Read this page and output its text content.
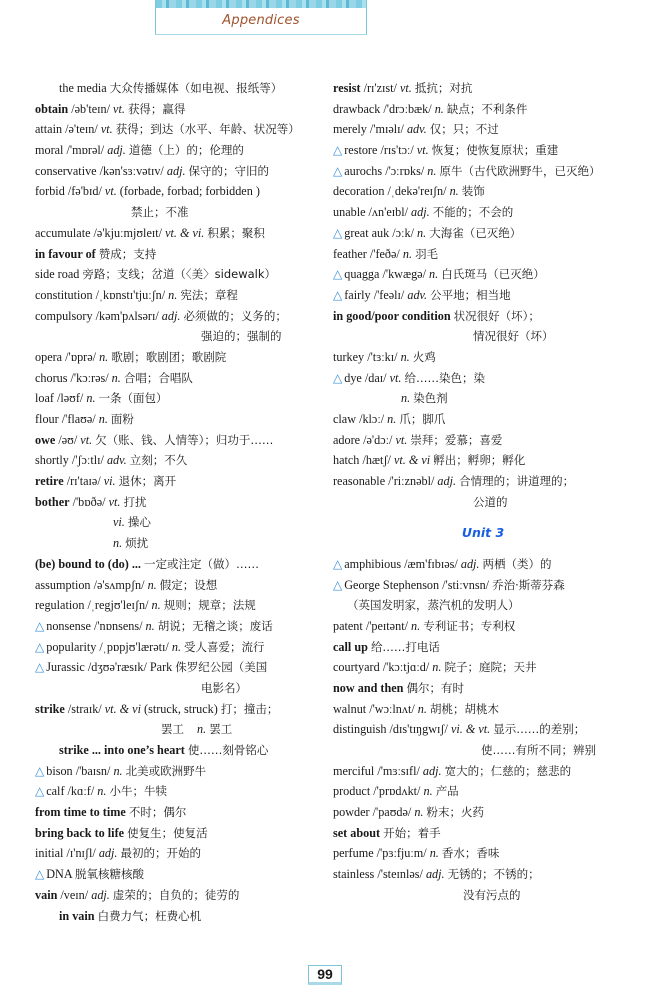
Appendices
the media 大众传播媒体（如电视、报纸等）
obtain /əb'teɪn/ vt. 获得；赢得
attain /ə'teɪn/ vt. 获得；到达（水平、年龄、状况等）
moral /'mɒrəl/ adj. 道德（上）的；伦理的
conservative /kən'sɜːvətɪv/ adj. 保守的；守旧的
forbid /fə'bɪd/ vt. (forbade, forbad; forbidden )
禁止；不准
accumulate /ə'kjuːmjʊleɪt/ vt. & vi. 积累；聚积
in favour of 赞成；支持
side road 旁路；支线；岔道（〈美〉sidewalk）
constitution /ˌkɒnstɪ'tjuːʃn/ n. 宪法；章程
compulsory /kəm'pʌlsərɪ/ adj. 必须做的；义务的；
强迫的；强制的
opera /'ɒprə/ n. 歌剧；歌剧团；歌剧院
chorus /'kɔːrəs/ n. 合唱；合唱队
loaf /ləʊf/ n. 一条（面包）
flour /'flaʊə/ n. 面粉
owe /əʊ/ vt. 欠（账、钱、人情等）；归功于……
shortly /'ʃɔːtlɪ/ adv. 立刻；不久
retire /rɪ'taɪə/ vi. 退休；离开
bother /'bɒðə/ vt. 打扰
vi. 操心
n. 烦扰
(be) bound to (do) ... 一定或注定（做）……
assumption /ə'sʌmpʃn/ n. 假定；设想
regulation /ˌregjʊ'leɪʃn/ n. 规则；规章；法规
△ nonsense /'nɒnsens/ n. 胡说；无稽之谈；废话
△ popularity /ˌpɒpjʊ'lærətɪ/ n. 受人喜爱；流行
△ Jurassic /dʒʊə'ræsɪk/ Park 侏罗纪公园（美国
电影名）
strike /straɪk/ vt. & vi (struck, struck) 打；撞击；
罢工 n. 罢工
strike ... into one’s heart 使……刻骨铭心
△ bison /'baɪsn/ n. 北美或欧洲野牛
△ calf /kɑːf/ n. 小牛；牛犊
from time to time 不时；偶尔
bring back to life 使复生；使复活
initial /ɪ'nɪʃl/ adj. 最初的；开始的
△ DNA 脱氧核糖核酸
vain /veɪn/ adj. 虚荣的；自负的；徒劳的
in vain 白费力气；枉费心机
resist /rɪ'zɪst/ vt. 抵抗；对抗
drawback /'drɔːbæk/ n. 缺点；不利条件
merely /'mɪəlɪ/ adv. 仅；只；不过
△ restore /rɪs'tɔː/ vt. 恢复；使恢复原状；重建
△ aurochs /'ɔːrɒks/ n. 原牛（古代欧洲野牛，已灭绝）
decoration /ˌdekə'reɪʃn/ n. 装饰
unable /ʌn'eɪbl/ adj. 不能的；不会的
△ great auk /ɔːk/ n. 大海雀（已灭绝）
feather /'feðə/ n. 羽毛
△ quagga /'kwægə/ n. 白氏斑马（已灭绝）
△ fairly /'feəlɪ/ adv. 公平地；相当地
in good/poor condition 状况很好（坏）；
情况很好（坏）
turkey /'tɜːkɪ/ n. 火鸡
△ dye /daɪ/ vt. 给……染色；染
n. 染色剂
claw /klɔː/ n. 爪；脚爪
adore /ə'dɔː/ vt. 崇拜；爱慕；喜爱
hatch /hætʃ/ vt. & vi 孵出；孵卵；孵化
reasonable /'riːznəbl/ adj. 合情理的；讲道理的；
公道的
Unit 3
△ amphibious /æm'fɪbɪəs/ adj. 两栖（类）的
△ George Stephenson /'stiːvnsn/ 乔治·斯蒂芬森
（英国发明家，蒸汽机的发明人）
patent /'peɪtənt/ n. 专利证书；专利权
call up 给……打电话
courtyard /'kɔːtjɑːd/ n. 院子；庭院；天井
now and then 偶尔；有时
walnut /'wɔːlnʌt/ n. 胡桃；胡桃木
distinguish /dɪs'tɪŋgwɪʃ/ vi. & vt. 显示……的差别；
使……有所不同；辨别
merciful /'mɜːsɪfl/ adj. 宽大的；仁慈的；慈悲的
product /'prɒdʌkt/ n. 产品
powder /'paʊdə/ n. 粉末；火药
set about 开始；着手
perfume /'pɜːfjuːm/ n. 香水；香味
stainless /'steɪnləs/ adj. 无锈的；不锈的；
没有污点的
99
